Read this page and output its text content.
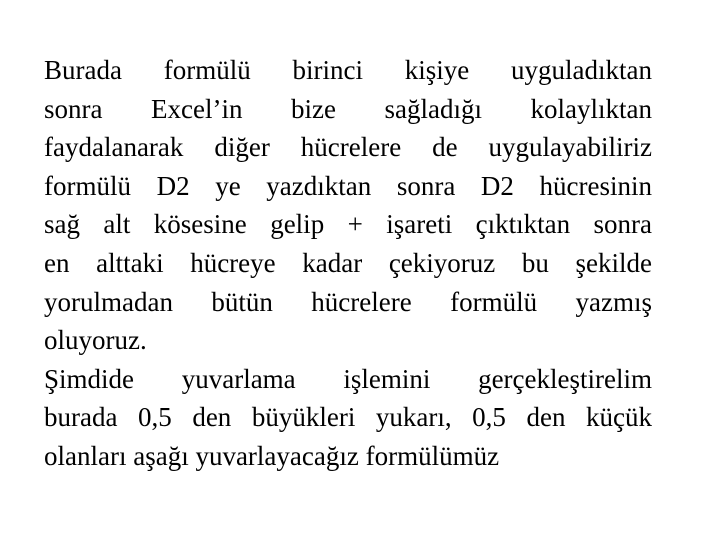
Burada formülü birinci kişiye uyguladıktan
sonra Excel’in bize sağladığı kolaylıktan
faydalanarak diğer hücrelere de uygulayabiliriz
formülü D2 ye yazdıktan sonra D2 hücresinin
sağ alt kösesine gelip + işareti çıktıktan sonra
en alttaki hücreye kadar çekiyoruz bu şekilde
yorulmadan bütün hücrelere formülü yazmış
oluyoruz.
Şimdide yuvarlama işlemini gerçekleştirelim
burada 0,5 den büyükleri yukarı, 0,5 den küçük
olanları aşağı yuvarlayacağız formülümüz
